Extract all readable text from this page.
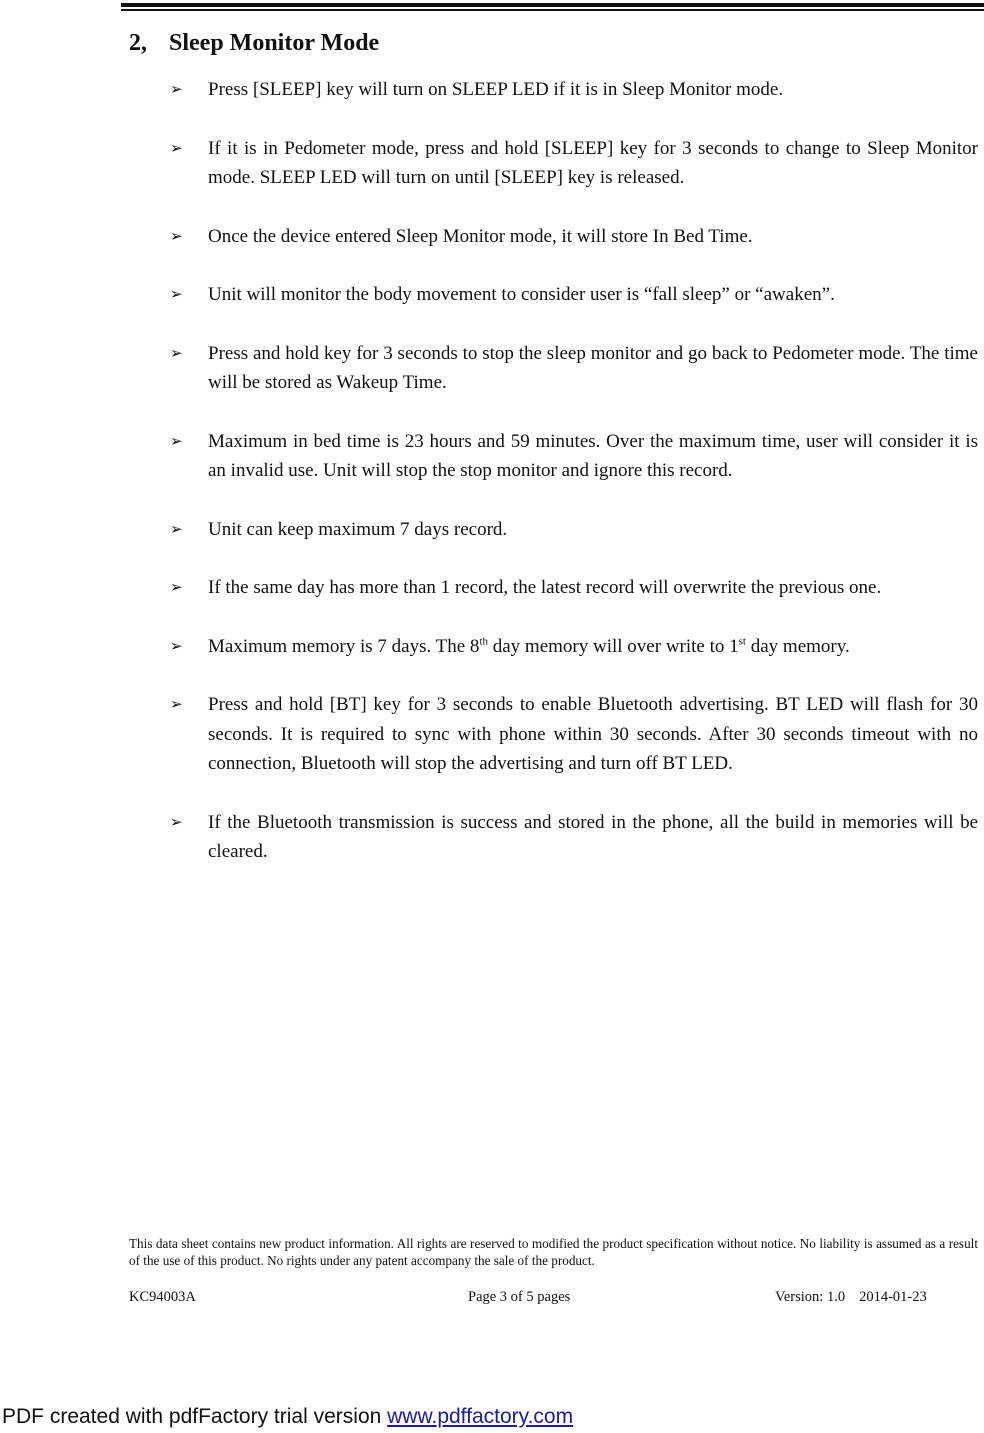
2, Sleep Monitor Mode
➢ Press [SLEEP] key will turn on SLEEP LED if it is in Sleep Monitor mode.
➢ If it is in Pedometer mode, press and hold [SLEEP] key for 3 seconds to change to Sleep Monitor mode. SLEEP LED will turn on until [SLEEP] key is released.
➢ Once the device entered Sleep Monitor mode, it will store In Bed Time.
➢ Unit will monitor the body movement to consider user is “fall sleep” or “awaken”.
➢ Press and hold key for 3 seconds to stop the sleep monitor and go back to Pedometer mode. The time will be stored as Wakeup Time.
➢ Maximum in bed time is 23 hours and 59 minutes. Over the maximum time, user will consider it is an invalid use. Unit will stop the stop monitor and ignore this record.
➢ Unit can keep maximum 7 days record.
➢ If the same day has more than 1 record, the latest record will overwrite the previous one.
➢ Maximum memory is 7 days. The 8th day memory will over write to 1st day memory.
➢ Press and hold [BT] key for 3 seconds to enable Bluetooth advertising. BT LED will flash for 30 seconds. It is required to sync with phone within 30 seconds. After 30 seconds timeout with no connection, Bluetooth will stop the advertising and turn off BT LED.
➢ If the Bluetooth transmission is success and stored in the phone, all the build in memories will be cleared.

This data sheet contains new product information. All rights are reserved to modified the product specification without notice. No liability is assumed as a result of the use of this product. No rights under any patent accompany the sale of the product.

KC94003A	Page 3 of 5 pages	Version: 1.0 2014-01-23
PDF created with pdfFactory trial version www.pdffactory.com
